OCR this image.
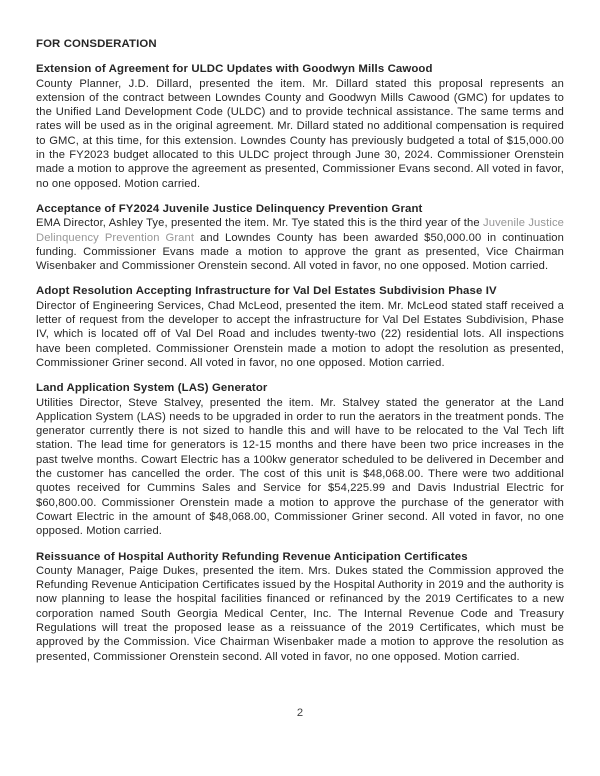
FOR CONSDERATION
Extension of Agreement for ULDC Updates with Goodwyn Mills Cawood

County Planner, J.D. Dillard, presented the item. Mr. Dillard stated this proposal represents an extension of the contract between Lowndes County and Goodwyn Mills Cawood (GMC) for updates to the Unified Land Development Code (ULDC) and to provide technical assistance. The same terms and rates will be used as in the original agreement. Mr. Dillard stated no additional compensation is required to GMC, at this time, for this extension. Lowndes County has previously budgeted a total of $15,000.00 in the FY2023 budget allocated to this ULDC project through June 30, 2024. Commissioner Orenstein made a motion to approve the agreement as presented, Commissioner Evans second. All voted in favor, no one opposed. Motion carried.

Acceptance of FY2024 Juvenile Justice Delinquency Prevention Grant

EMA Director, Ashley Tye, presented the item. Mr. Tye stated this is the third year of the Juvenile Justice Delinquency Prevention Grant and Lowndes County has been awarded $50,000.00 in continuation funding. Commissioner Evans made a motion to approve the grant as presented, Vice Chairman Wisenbaker and Commissioner Orenstein second. All voted in favor, no one opposed. Motion carried.

Adopt Resolution Accepting Infrastructure for Val Del Estates Subdivision Phase IV

Director of Engineering Services, Chad McLeod, presented the item. Mr. McLeod stated staff received a letter of request from the developer to accept the infrastructure for Val Del Estates Subdivision, Phase IV, which is located off of Val Del Road and includes twenty-two (22) residential lots. All inspections have been completed. Commissioner Orenstein made a motion to adopt the resolution as presented, Commissioner Griner second. All voted in favor, no one opposed. Motion carried.

Land Application System (LAS) Generator

Utilities Director, Steve Stalvey, presented the item. Mr. Stalvey stated the generator at the Land Application System (LAS) needs to be upgraded in order to run the aerators in the treatment ponds. The generator currently there is not sized to handle this and will have to be relocated to the Val Tech lift station. The lead time for generators is 12-15 months and there have been two price increases in the past twelve months. Cowart Electric has a 100kw generator scheduled to be delivered in December and the customer has cancelled the order. The cost of this unit is $48,068.00. There were two additional quotes received for Cummins Sales and Service for $54,225.99 and Davis Industrial Electric for $60,800.00. Commissioner Orenstein made a motion to approve the purchase of the generator with Cowart Electric in the amount of $48,068.00, Commissioner Griner second. All voted in favor, no one opposed. Motion carried.

Reissuance of Hospital Authority Refunding Revenue Anticipation Certificates

County Manager, Paige Dukes, presented the item. Mrs. Dukes stated the Commission approved the Refunding Revenue Anticipation Certificates issued by the Hospital Authority in 2019 and the authority is now planning to lease the hospital facilities financed or refinanced by the 2019 Certificates to a new corporation named South Georgia Medical Center, Inc. The Internal Revenue Code and Treasury Regulations will treat the proposed lease as a reissuance of the 2019 Certificates, which must be approved by the Commission. Vice Chairman Wisenbaker made a motion to approve the resolution as presented, Commissioner Orenstein second. All voted in favor, no one opposed. Motion carried.

2
